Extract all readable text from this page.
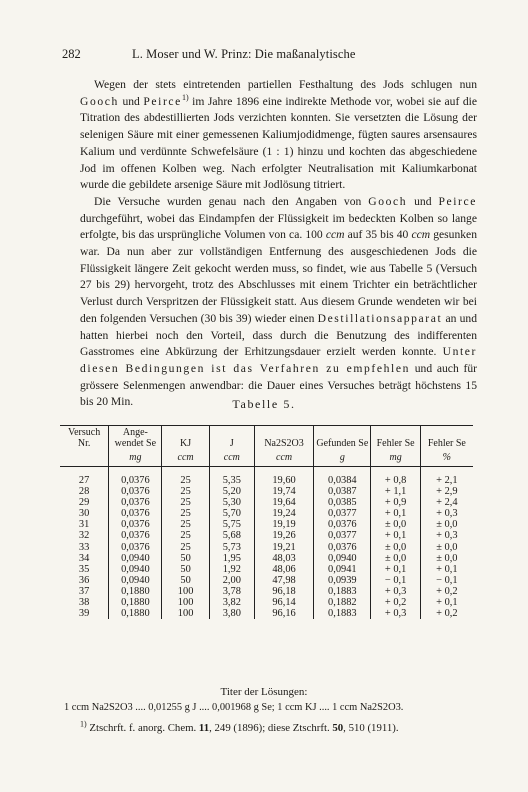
282	L. Moser und W. Prinz: Die maßanalytische

Wegen der stets eintretenden partiellen Festhaltung des Jods schlugen nun Gooch und Peirce$^{1)}$ im Jahre 1896 eine indirekte Methode vor, wobei sie auf die Titration des abdestillierten Jods verzichten konnten. Sie versetzten die Lösung der selenigen Säure mit einer gemessenen Kaliumjodidmenge, fügten saures arsensaures Kalium und verdünnte Schwefelsäure (1 : 1) hinzu und kochten das abgeschiedene Jod im offenen Kolben weg. Nach erfolgter Neutralisation mit Kaliumkarbonat wurde die gebildete arsenige Säure mit Jodlösung titriert.

Die Versuche wurden genau nach den Angaben von Gooch und Peirce durchgeführt, wobei das Eindampfen der Flüssigkeit im bedeckten Kolben so lange erfolgte, bis das ursprüngliche Volumen von ca. 100 ccm auf 35 bis 40 ccm gesunken war. Da nun aber zur vollständigen Entfernung des ausgeschiedenen Jods die Flüssigkeit längere Zeit gekocht werden muss, so findet, wie aus Tabelle 5 (Versuch 27 bis 29) hervorgeht, trotz des Abschlusses mit einem Trichter ein beträchtlicher Verlust durch Verspritzen der Flüssigkeit statt. Aus diesem Grunde wendeten wir bei den folgenden Versuchen (30 bis 39) wieder einen Destillationsapparat an und hatten hierbei noch den Vorteil, dass durch die Benutzung des indifferenten Gasstromes eine Abkürzung der Erhitzungsdauer erzielt werden konnte. Unter diesen Bedingungen ist das Verfahren zu empfehlen und auch für grössere Selenmengen anwendbar: die Dauer eines Versuches beträgt höchstens 15 bis 20 Min.	Tabelle 5.
Versuch Nr.	Ange-wendet Se	KJ	J	Na2S2O3	Gefunden Se	Fehler Se	Fehler Se
	mg	ccm	ccm	ccm	g	mg	%
27	0,0376	25	5,35	19,60	0,0384	+ 0,8	+ 2,1
28	0,0376	25	5,20	19,74	0,0387	+ 1,1	+ 2,9
29	0,0376	25	5,30	19,64	0,0385	+ 0,9	+ 2,4
30	0,0376	25	5,70	19,24	0,0377	+ 0,1	+ 0,3
31	0,0376	25	5,75	19,19	0,0376	± 0,0	± 0,0
32	0,0376	25	5,68	19,26	0,0377	+ 0,1	+ 0,3
33	0,0376	25	5,73	19,21	0,0376	± 0,0	± 0,0
34	0,0940	50	1,95	48,03	0,0940	± 0,0	± 0,0
35	0,0940	50	1,92	48,06	0,0941	+ 0,1	+ 0,1
36	0,0940	50	2,00	47,98	0,0939	− 0,1	− 0,1
37	0,1880	100	3,78	96,18	0,1883	+ 0,3	+ 0,2
38	0,1880	100	3,82	96,14	0,1882	+ 0,2	+ 0,1
39	0,1880	100	3,80	96,16	0,1883	+ 0,3	+ 0,2
Titer der Lösungen:
1 ccm Na2S2O3 .... 0,01255 g J .... 0,001968 g Se; 1 ccm KJ .... 1 ccm Na2S2O3.
$^{1)}$ Ztschrft. f. anorg. Chem. 11, 249 (1896); diese Ztschrft. 50, 510 (1911).
